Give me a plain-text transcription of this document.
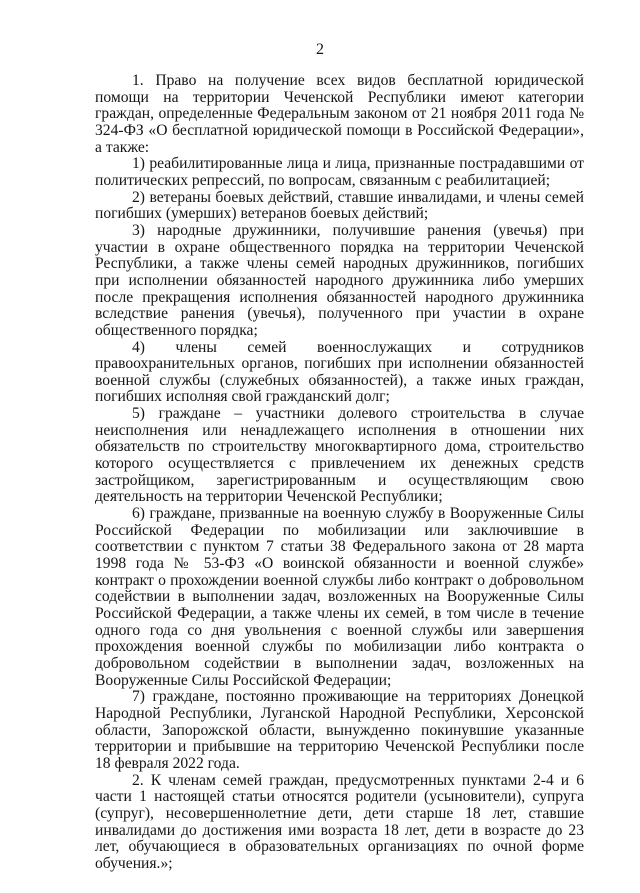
2

1. Право на получение всех видов бесплатной юридической помощи на территории Чеченской Республики имеют категории граждан, определенные Федеральным законом от 21 ноября 2011 года № 324-ФЗ «О бесплатной юридической помощи в Российской Федерации», а также:

1) реабилитированные лица и лица, признанные пострадавшими от политических репрессий, по вопросам, связанным с реабилитацией;

2) ветераны боевых действий, ставшие инвалидами, и члены семей погибших (умерших) ветеранов боевых действий;

3) народные дружинники, получившие ранения (увечья) при участии в охране общественного порядка на территории Чеченской Республики, а также члены семей народных дружинников, погибших при исполнении обязанностей народного дружинника либо умерших после прекращения исполнения обязанностей народного дружинника вследствие ранения (увечья), полученного при участии в охране общественного порядка;

4) члены семей военнослужащих и сотрудников правоохранительных органов, погибших при исполнении обязанностей военной службы (служебных обязанностей), а также иных граждан, погибших исполняя свой гражданский долг;

5) граждане – участники долевого строительства в случае неисполнения или ненадлежащего исполнения в отношении них обязательств по строительству многоквартирного дома, строительство которого осуществляется с привлечением их денежных средств застройщиком, зарегистрированным и осуществляющим свою деятельность на территории Чеченской Республики;

6) граждане, призванные на военную службу в Вооруженные Силы Российской Федерации по мобилизации или заключившие в соответствии с пунктом 7 статьи 38 Федерального закона от 28 марта 1998 года № 53-ФЗ «О воинской обязанности и военной службе» контракт о прохождении военной службы либо контракт о добровольном содействии в выполнении задач, возложенных на Вооруженные Силы Российской Федерации, а также члены их семей, в том числе в течение одного года со дня увольнения с военной службы или завершения прохождения военной службы по мобилизации либо контракта о добровольном содействии в выполнении задач, возложенных на Вооруженные Силы Российской Федерации;

7) граждане, постоянно проживающие на территориях Донецкой Народной Республики, Луганской Народной Республики, Херсонской области, Запорожской области, вынужденно покинувшие указанные территории и прибывшие на территорию Чеченской Республики после 18 февраля 2022 года.

2. К членам семей граждан, предусмотренных пунктами 2-4 и 6 части 1 настоящей статьи относятся родители (усыновители), супруга (супруг), несовершеннолетние дети, дети старше 18 лет, ставшие инвалидами до достижения ими возраста 18 лет, дети в возрасте до 23 лет, обучающиеся в образовательных организациях по очной форме обучения.»;
